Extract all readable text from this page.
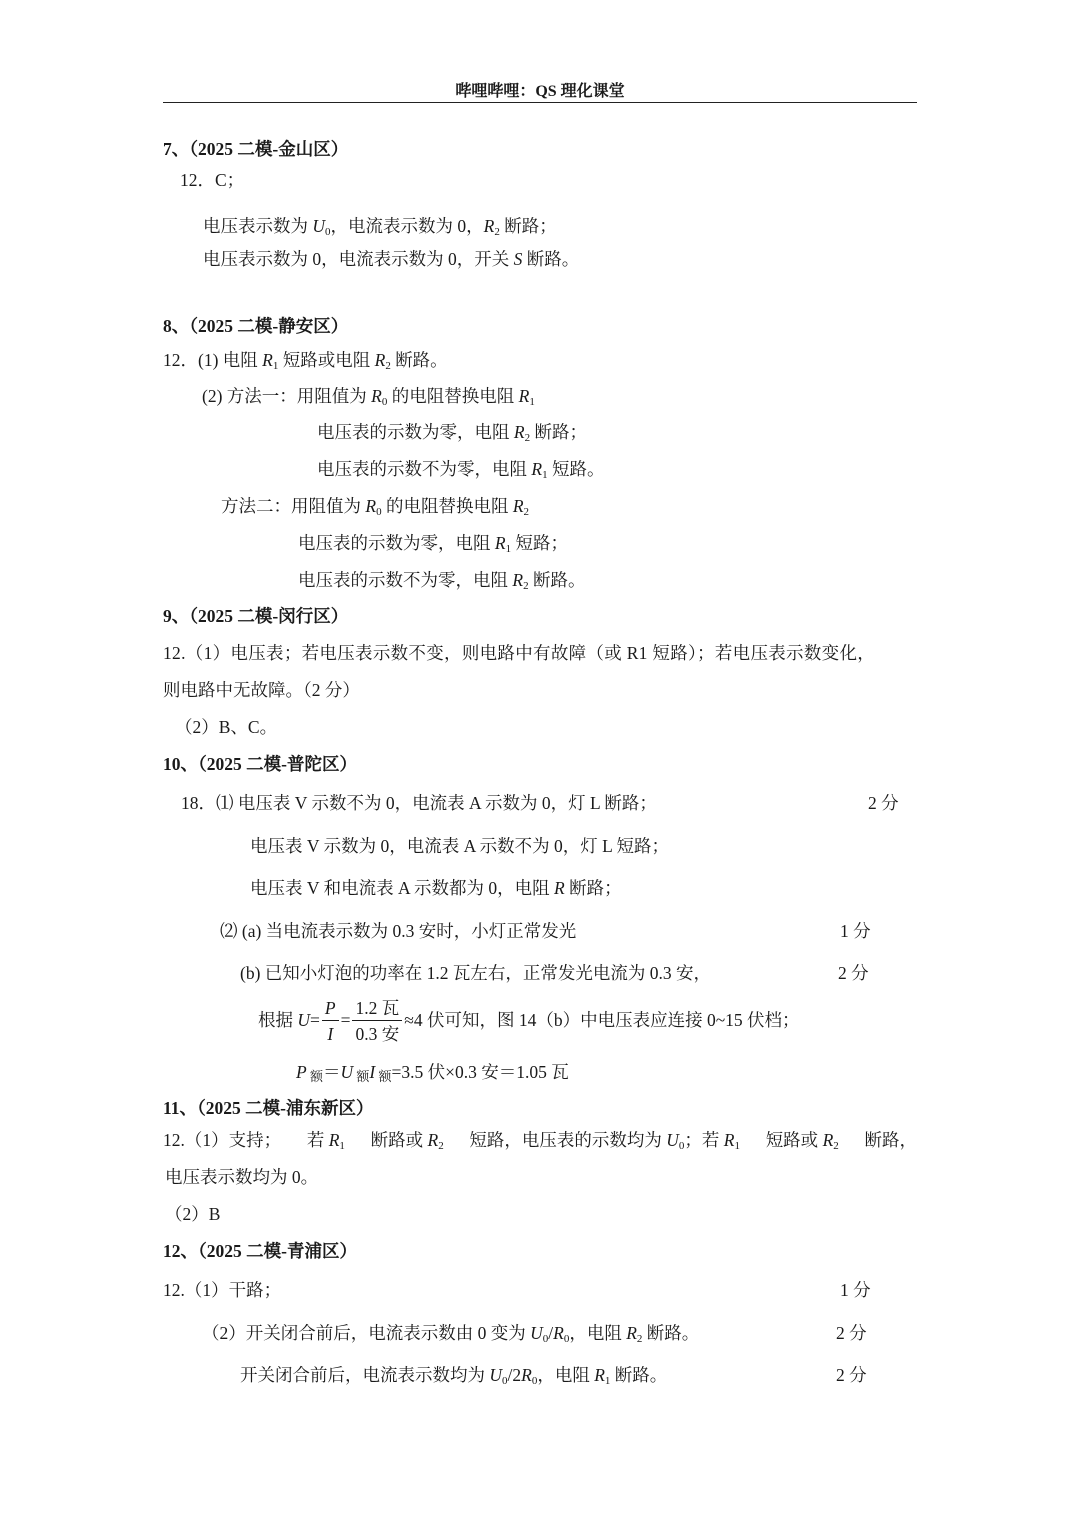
哔哩哔哩：QS 理化课堂
7、（2025 二模-金山区）
12．C；
电压表示数为 $U_0$，电流表示数为 0，$R_2$ 断路；
电压表示数为 0，电流表示数为 0，开关 S 断路。
8、（2025 二模-静安区）
12．(1) 电阻 $R_1$ 短路或电阻 $R_2$ 断路。
(2) 方法一：用阻值为 $R_0$ 的电阻替换电阻 $R_1$
电压表的示数为零，电阻 $R_2$ 断路；
电压表的示数不为零，电阻 $R_1$ 短路。
方法二：用阻值为 $R_0$ 的电阻替换电阻 $R_2$
电压表的示数为零，电阻 $R_1$ 短路；
电压表的示数不为零，电阻 $R_2$ 断路。
9、（2025 二模-闵行区）
12.（1）电压表；若电压表示数不变，则电路中有故障（或 R1 短路）；若电压表示数变化，
则电路中无故障。（2 分）
（2）B、C。
10、（2025 二模-普陀区）
18．⑴ 电压表 V 示数不为 0，电流表 A 示数为 0，灯 L 断路；	2 分
电压表 V 示数为 0，电流表 A 示数不为 0，灯 L 短路；
电压表 V 和电流表 A 示数都为 0，电阻 R 断路；
⑵ (a) 当电流表示数为 0.3 安时，小灯正常发光	1 分
(b) 已知小灯泡的功率在 1.2 瓦左右，正常发光电流为 0.3 安，	2 分
根据 $U= \frac{P}{I} = \frac{\text{1.2 瓦}}{\text{0.3 安}} \approx 4$ 伏可知，图 14（b）中电压表应连接 0~15 伏档；
P $_额$＝U $_额$I $_额$=3.5 伏×0.3 安＝1.05 瓦
11、（2025 二模-浦东新区）
12.（1）支持； 若 $R_1$ 断路或 $R_2$ 短路，电压表的示数均为 $U_0$；若 $R_1$ 短路或 $R_2$ 断路，
电压表示数均为 0。
（2）B
12、（2025 二模-青浦区）
12.（1）干路；	1 分
（2）开关闭合前后，电流表示数由 0 变为 $U_0/R_0$，电阻 $R_2$ 断路。	2 分
开关闭合前后，电流表示数均为 $U_0/2R_0$，电阻 $R_1$ 断路。	2 分
